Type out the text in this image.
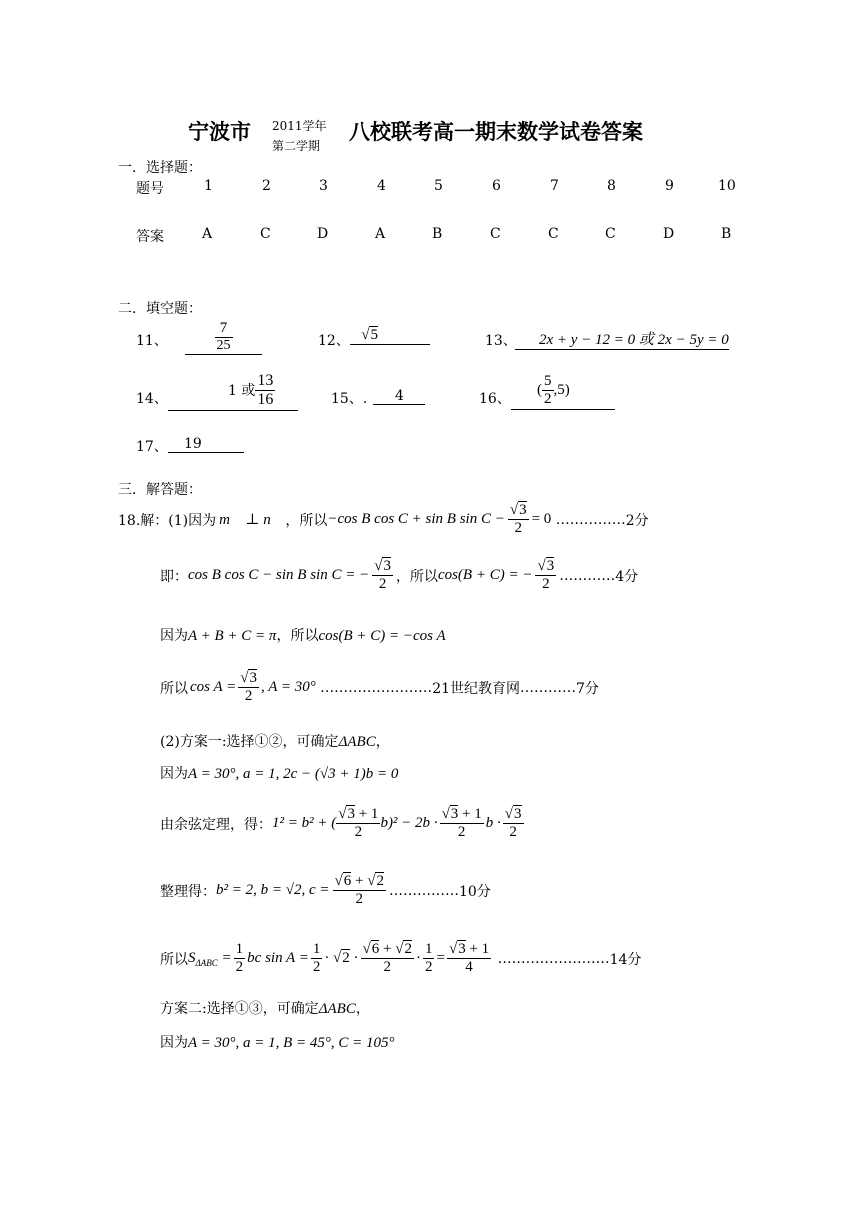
宁波市 2011学年
第二学期
八校联考高一期末数学试卷答案
一．选择题：
题号
答案
1	2	3	4	5	6	7	8	9	10
A	C	D	A	B	C	C	C	D	B
二．填空题：
11、	$\frac{7}{25}$	12、 √5	13、	2x + y − 12 = 0 或 2x − 5y = 0
14、
1 或 $\frac{13}{16}$
	15、.	4	16、
( $\frac{5}{2} ,5$)
17、	19
三．解答题：
18.解：(1)因为 m⃗ ⊥ n⃗ ，所以 −cos B cos C + sin B $\sin C - \frac{√3}{2} = 0$ …………… 2分
即： cos B cos C − sin B sin C = − $\frac{√3}{2}$ ，所以 cos(B + C) = − $\frac{√3}{2}$ ………… 4分
因为A + B + C = π，所以cos(B + C) = −cos A
所以 $\cos A = \frac{√3}{2}$ , A = 30° …………………… 21世纪教育网 ………… 7分
(2)方案一:选择①②，可确定ΔABC，
因为A = 30°, a = 1, 2c − (√3 + 1)b = 0
由余弦定理，得： 1² = b² + ( $\frac{√3 + 1}{2} b)^2 - 2b \cdot \frac{√3 + 1}{2}$ $b \cdot \frac{√3}{2}$
整理得： b² = 2, b = √2, $c = \frac{√6 + √2}{2}$ …………… 10分
所以 $S_{\Delta ABC} = \frac{1}{2}$ bc $\sin A = \frac{1}{2} \cdot √2 \cdot \frac{√6 + √2}{2} \cdot \frac{1}{2} = \frac{√3 + 1}{4}$ …………………… 14分
方案二:选择①③，可确定ΔABC，
因为A = 30°, a = 1, B = 45°, C = 105°
